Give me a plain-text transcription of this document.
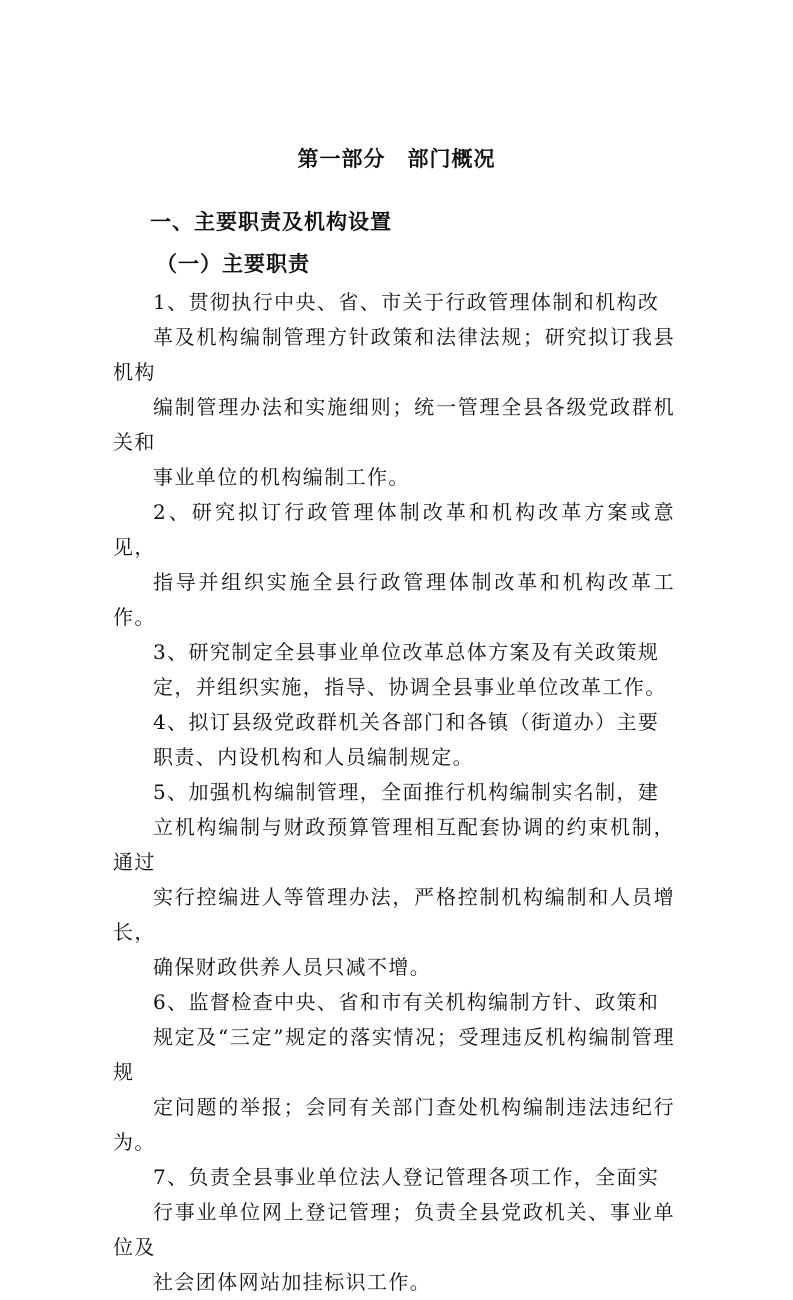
第一部分　部门概况
一、主要职责及机构设置
（一）主要职责

1、贯彻执行中央、省、市关于行政管理体制和机构改
革及机构编制管理方针政策和法律法规；研究拟订我县机构
编制管理办法和实施细则；统一管理全县各级党政群机关和
事业单位的机构编制工作。

2、研究拟订行政管理体制改革和机构改革方案或意见，
指导并组织实施全县行政管理体制改革和机构改革工作。

3、研究制定全县事业单位改革总体方案及有关政策规
定，并组织实施，指导、协调全县事业单位改革工作。

4、拟订县级党政群机关各部门和各镇（街道办）主要
职责、内设机构和人员编制规定。

5、加强机构编制管理，全面推行机构编制实名制，建
立机构编制与财政预算管理相互配套协调的约束机制，通过
实行控编进人等管理办法，严格控制机构编制和人员增长，
确保财政供养人员只减不增。

6、监督检查中央、省和市有关机构编制方针、政策和
规定及“三定”规定的落实情况；受理违反机构编制管理规
定问题的举报；会同有关部门查处机构编制违法违纪行为。

7、负责全县事业单位法人登记管理各项工作，全面实
行事业单位网上登记管理；负责全县党政机关、事业单位及
社会团体网站加挂标识工作。
